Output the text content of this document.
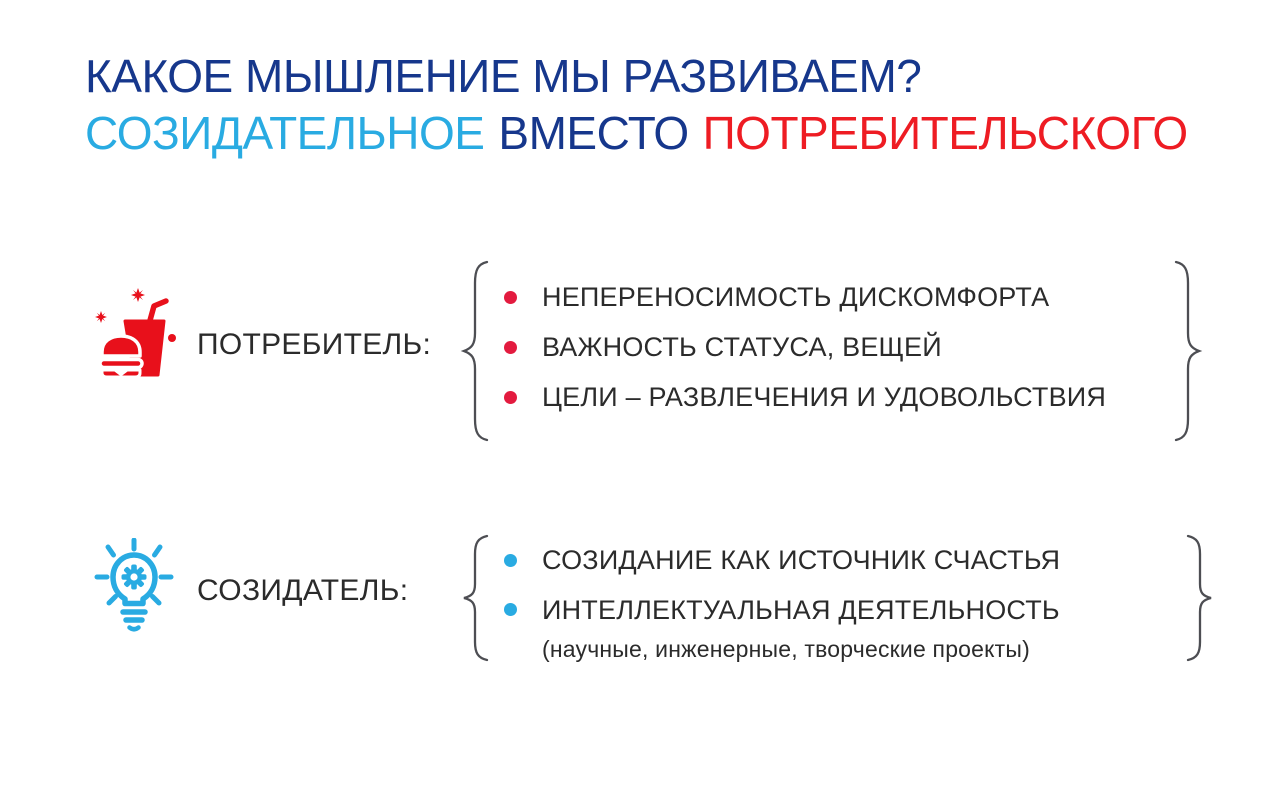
КАКОЕ МЫШЛЕНИЕ МЫ РАЗВИВАЕМ?
СОЗИДАТЕЛЬНОЕ ВМЕСТО ПОТРЕБИТЕЛЬСКОГО
ПОТРЕБИТЕЛЬ:
НЕПЕРЕНОСИМОСТЬ ДИСКОМФОРТА
ВАЖНОСТЬ СТАТУСА, ВЕЩЕЙ
ЦЕЛИ – РАЗВЛЕЧЕНИЯ И УДОВОЛЬСТВИЯ
СОЗИДАТЕЛЬ:
СОЗИДАНИЕ КАК ИСТОЧНИК СЧАСТЬЯ
ИНТЕЛЛЕКТУАЛЬНАЯ ДЕЯТЕЛЬНОСТЬ
(научные, инженерные, творческие проекты)
